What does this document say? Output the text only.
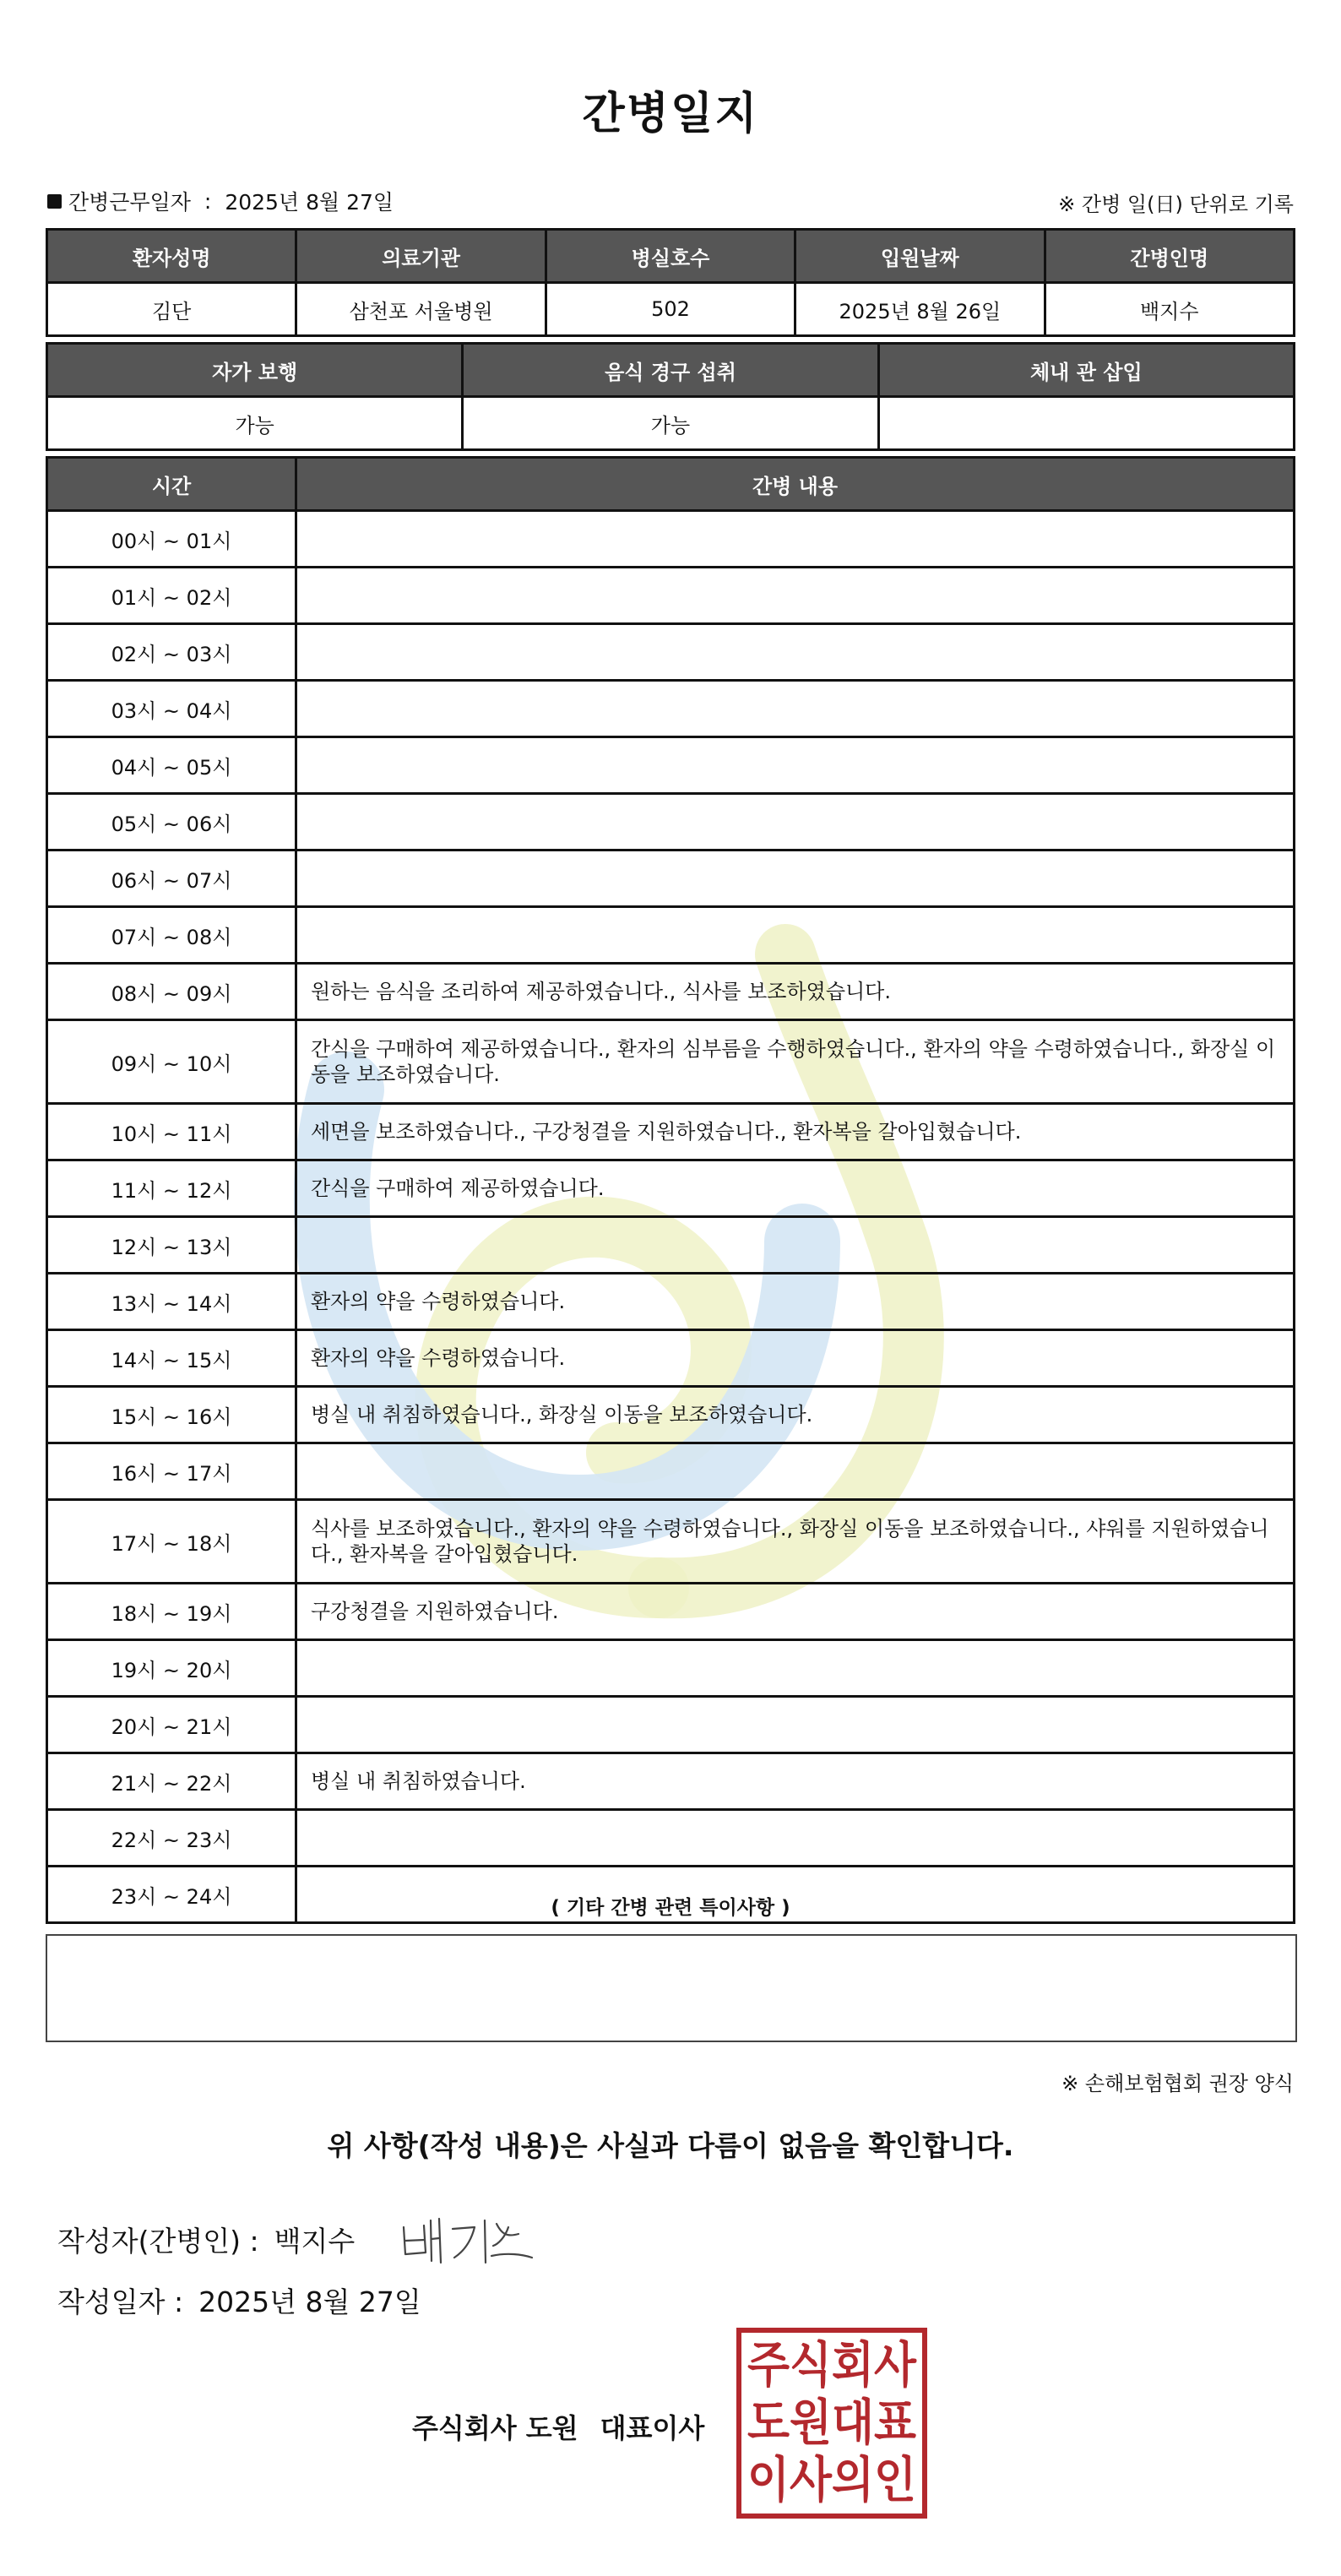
간병일지
간병근무일자 : 2025년 8월 27일	※ 간병 일(日) 단위로 기록
환자성명	의료기관	병실호수	입원날짜	간병인명
김단	삼천포 서울병원	502	2025년 8월 26일	백지수
자가 보행	음식 경구 섭취	체내 관 삽입
가능	가능	
시간	간병 내용
00시 ~ 01시	
01시 ~ 02시	
02시 ~ 03시	
03시 ~ 04시	
04시 ~ 05시	
05시 ~ 06시	
06시 ~ 07시	
07시 ~ 08시	
08시 ~ 09시	원하는 음식을 조리하여 제공하였습니다., 식사를 보조하였습니다.
09시 ~ 10시	간식을 구매하여 제공하였습니다., 환자의 심부름을 수행하였습니다., 환자의 약을 수령하였습니다., 화장실 이동을 보조하였습니다.
10시 ~ 11시	세면을 보조하였습니다., 구강청결을 지원하였습니다., 환자복을 갈아입혔습니다.
11시 ~ 12시	간식을 구매하여 제공하였습니다.
12시 ~ 13시	
13시 ~ 14시	환자의 약을 수령하였습니다.
14시 ~ 15시	환자의 약을 수령하였습니다.
15시 ~ 16시	병실 내 취침하였습니다., 화장실 이동을 보조하였습니다.
16시 ~ 17시	
17시 ~ 18시	식사를 보조하였습니다., 환자의 약을 수령하였습니다., 화장실 이동을 보조하였습니다., 샤워를 지원하였습니다., 환자복을 갈아입혔습니다.
18시 ~ 19시	구강청결을 지원하였습니다.
19시 ~ 20시	
20시 ~ 21시	
21시 ~ 22시	병실 내 취침하였습니다.
22시 ~ 23시	
23시 ~ 24시		( 기타 간병 관련 특이사항 )
※ 손해보험협회 권장 양식
위 사항(작성 내용)은 사실과 다름이 없음을 확인합니다.
작성자(간병인) : 백지수
작성일자 : 2025년 8월 27일
주식회사 도원 대표이사
주식회사
도원대표
이사의인
